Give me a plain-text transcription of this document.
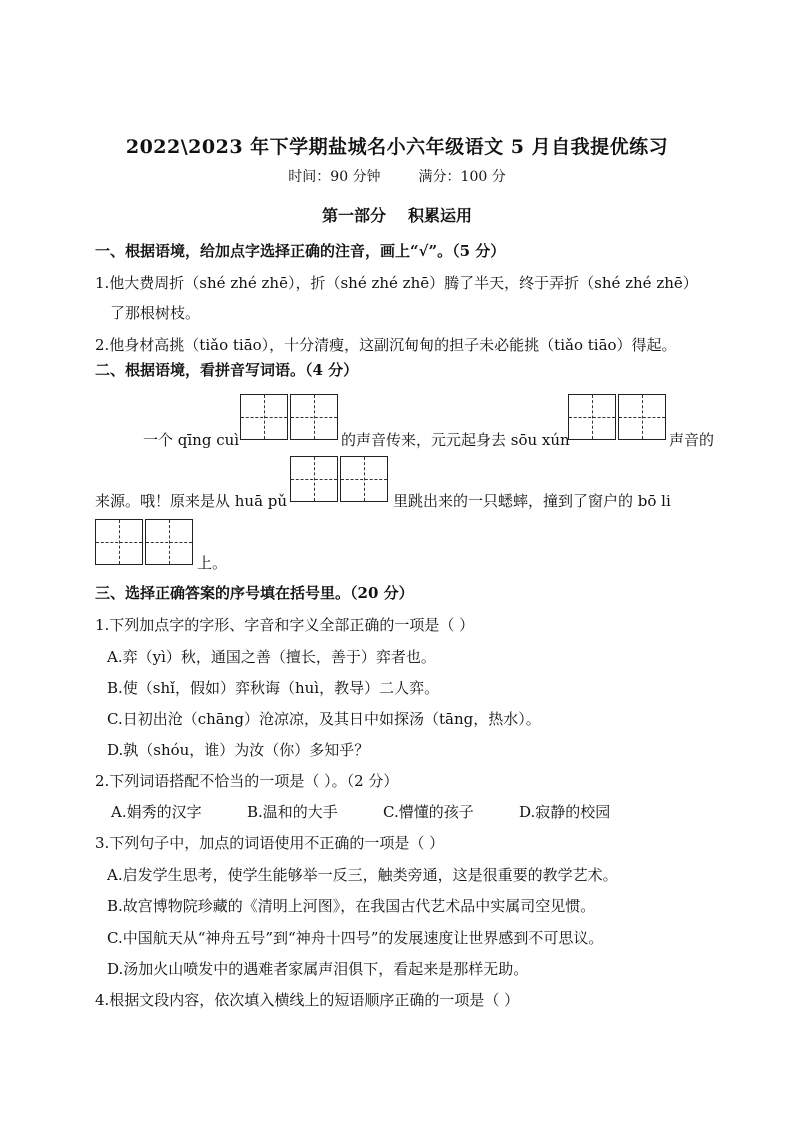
2022\2023 年下学期盐城名小六年级语文 5 月自我提优练习
时间：90 分钟	满分：100 分
第一部分 积累运用
一、根据语境，给加点字选择正确的注音，画上“√”。（5 分）
1.他大费周折（shé zhé zhē），折（shé zhé zhē）腾了半天，终于弄折（shé zhé zhē）
了那根树枝。
2.他身材高挑（tiǎo tiāo），十分清瘦，这副沉甸甸的担子未必能挑（tiǎo tiāo）得起。
二、根据语境，看拼音写词语。（4 分）
一个 qīng cuì	的声音传来，元元起身去 sōu xún	声音的
来源。哦！原来是从 huā pǔ	里跳出来的一只蟋蟀，撞到了窗户的 bō li
上。
三、选择正确答案的序号填在括号里。（20 分）
1.下列加点字的字形、字音和字义全部正确的一项是（ ）
A.弈（yì）秋，通国之善（擅长，善于）弈者也。
B.使（shǐ，假如）弈秋诲（huì，教导）二人弈。
C.日初出沧（chāng）沧凉凉，及其日中如探汤（tāng，热水）。
D.孰（shóu，谁）为汝（你）多知乎？
2.下列词语搭配不恰当的一项是（ ）。（2 分）
A.娟秀的汉字	B.温和的大手	C.懵懂的孩子	D.寂静的校园
3.下列句子中，加点的词语使用不正确的一项是（ ）
A.启发学生思考，使学生能够举一反三，触类旁通，这是很重要的教学艺术。
B.故宫博物院珍藏的《清明上河图》，在我国古代艺术品中实属司空见惯。
C.中国航天从“神舟五号”到“神舟十四号”的发展速度让世界感到不可思议。
D.汤加火山喷发中的遇难者家属声泪俱下，看起来是那样无助。
4.根据文段内容，依次填入横线上的短语顺序正确的一项是（ ）
